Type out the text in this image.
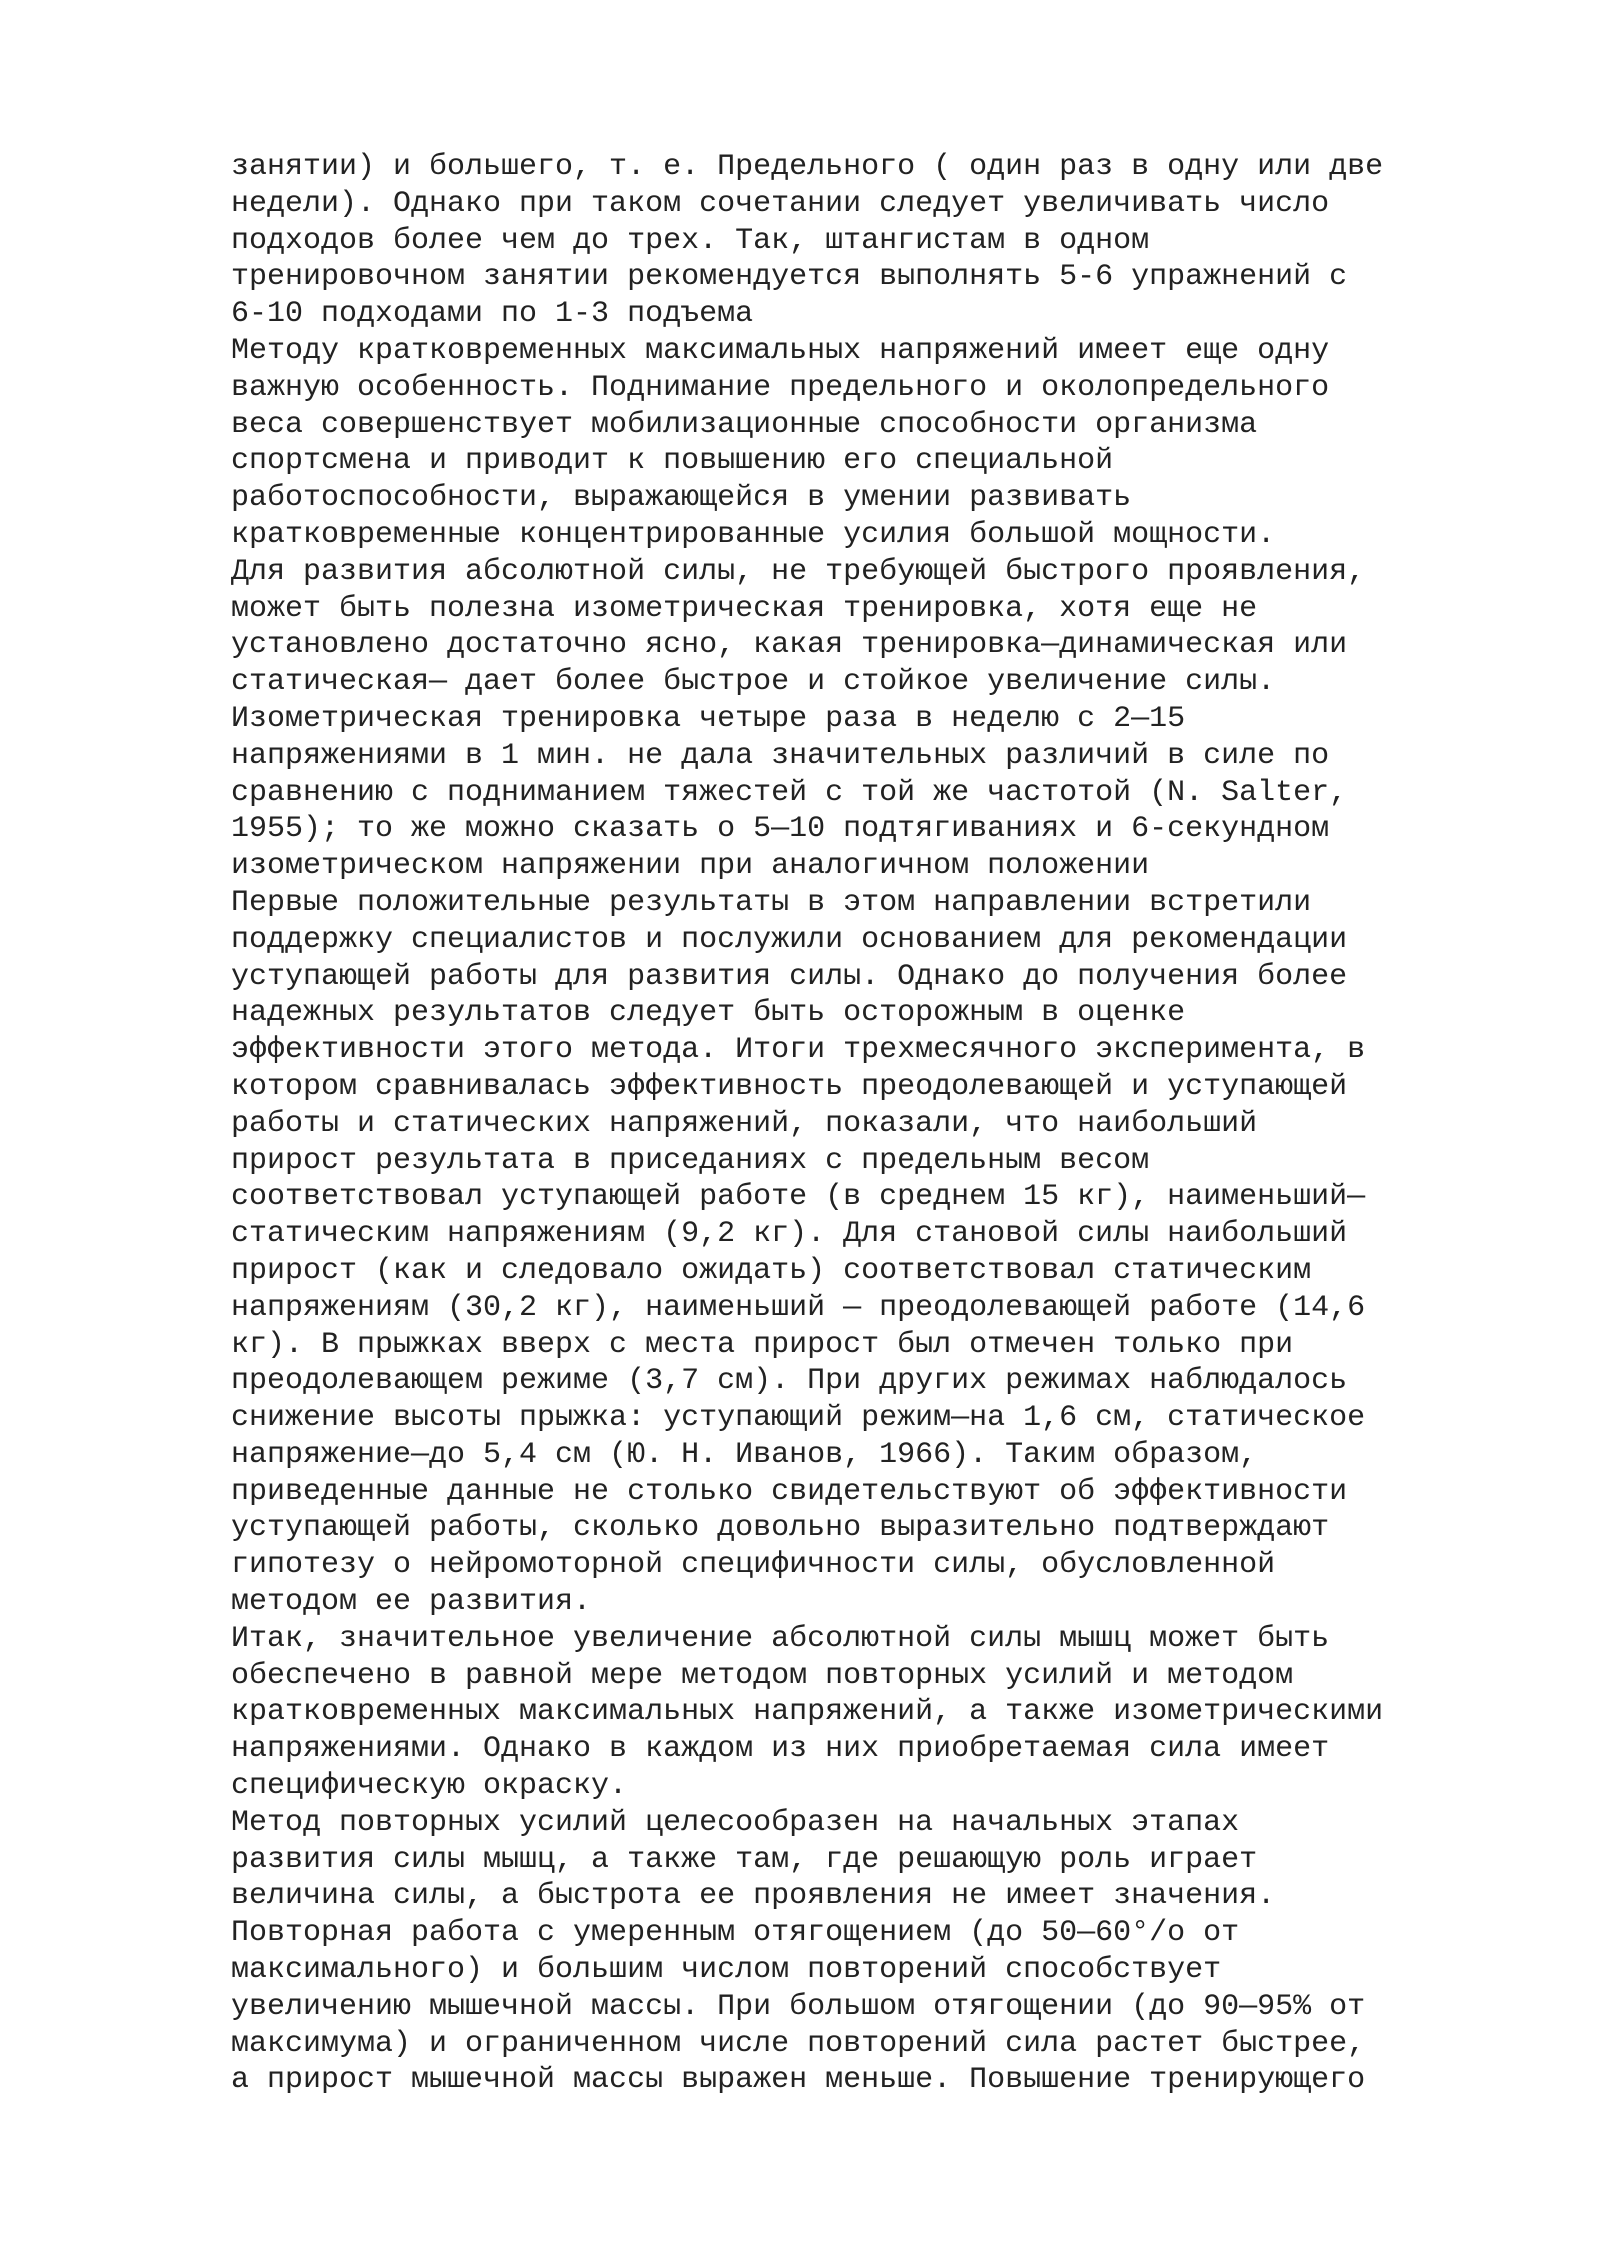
занятии) и большего, т. е. Предельного ( один раз в одну или две
недели). Однако при таком сочетании следует увеличивать число
подходов более чем до трех. Так, штангистам в одном
тренировочном занятии рекомендуется выполнять 5-6 упражнений с
6-10 подходами по 1-3 подъема
Методу кратковременных максимальных напряжений имеет еще одну
важную особенность. Поднимание предельного и околопредельного
веса совершенствует мобилизационные способности организма
спортсмена и приводит к повышению его специальной
работоспособности, выражающейся в умении развивать
кратковременные концентрированные усилия большой мощности.
Для развития абсолютной силы, не требующей быстрого проявления,
может быть полезна изометрическая тренировка, хотя еще не
установлено достаточно ясно, какая тренировка—динамическая или
статическая— дает более быстрое и стойкое увеличение силы.
Изометрическая тренировка четыре раза в неделю с 2—15
напряжениями в 1 мин. не дала значительных различий в силе по
сравнению с подниманием тяжестей с той же частотой (N. Salter,
1955); то же можно сказать о 5—10 подтягиваниях и 6-секундном
изометрическом напряжении при аналогичном положении
Первые положительные результаты в этом направлении встретили
поддержку специалистов и послужили основанием для рекомендации
уступающей работы для развития силы. Однако до получения более
надежных результатов следует быть осторожным в оценке
эффективности этого метода. Итоги трехмесячного эксперимента, в
котором сравнивалась эффективность преодолевающей и уступающей
работы и статических напряжений, показали, что наибольший
прирост результата в приседаниях с предельным весом
соответствовал уступающей работе (в среднем 15 кг), наименьший—
статическим напряжениям (9,2 кг). Для становой силы наибольший
прирост (как и следовало ожидать) соответствовал статическим
напряжениям (30,2 кг), наименьший — преодолевающей работе (14,6
кг). В прыжках вверх с места прирост был отмечен только при
преодолевающем режиме (3,7 см). При других режимах наблюдалось
снижение высоты прыжка: уступающий режим—на 1,6 см, статическое
напряжение—до 5,4 см (Ю. Н. Иванов, 1966). Таким образом,
приведенные данные не столько свидетельствуют об эффективности
уступающей работы, сколько довольно выразительно подтверждают
гипотезу о нейромоторной специфичности силы, обусловленной
методом ее развития.
Итак, значительное увеличение абсолютной силы мышц может быть
обеспечено в равной мере методом повторных усилий и методом
кратковременных максимальных напряжений, а также изометрическими
напряжениями. Однако в каждом из них приобретаемая сила имеет
специфическую окраску.
Метод повторных усилий целесообразен на начальных этапах
развития силы мышц, а также там, где решающую роль играет
величина силы, а быстрота ее проявления не имеет значения.
Повторная работа с умеренным отягощением (до 50—60°/о от
максимального) и большим числом повторений способствует
увеличению мышечной массы. При большом отягощении (до 90—95% от
максимума) и ограниченном числе повторений сила растет быстрее,
а прирост мышечной массы выражен меньше. Повышение тренирующего
